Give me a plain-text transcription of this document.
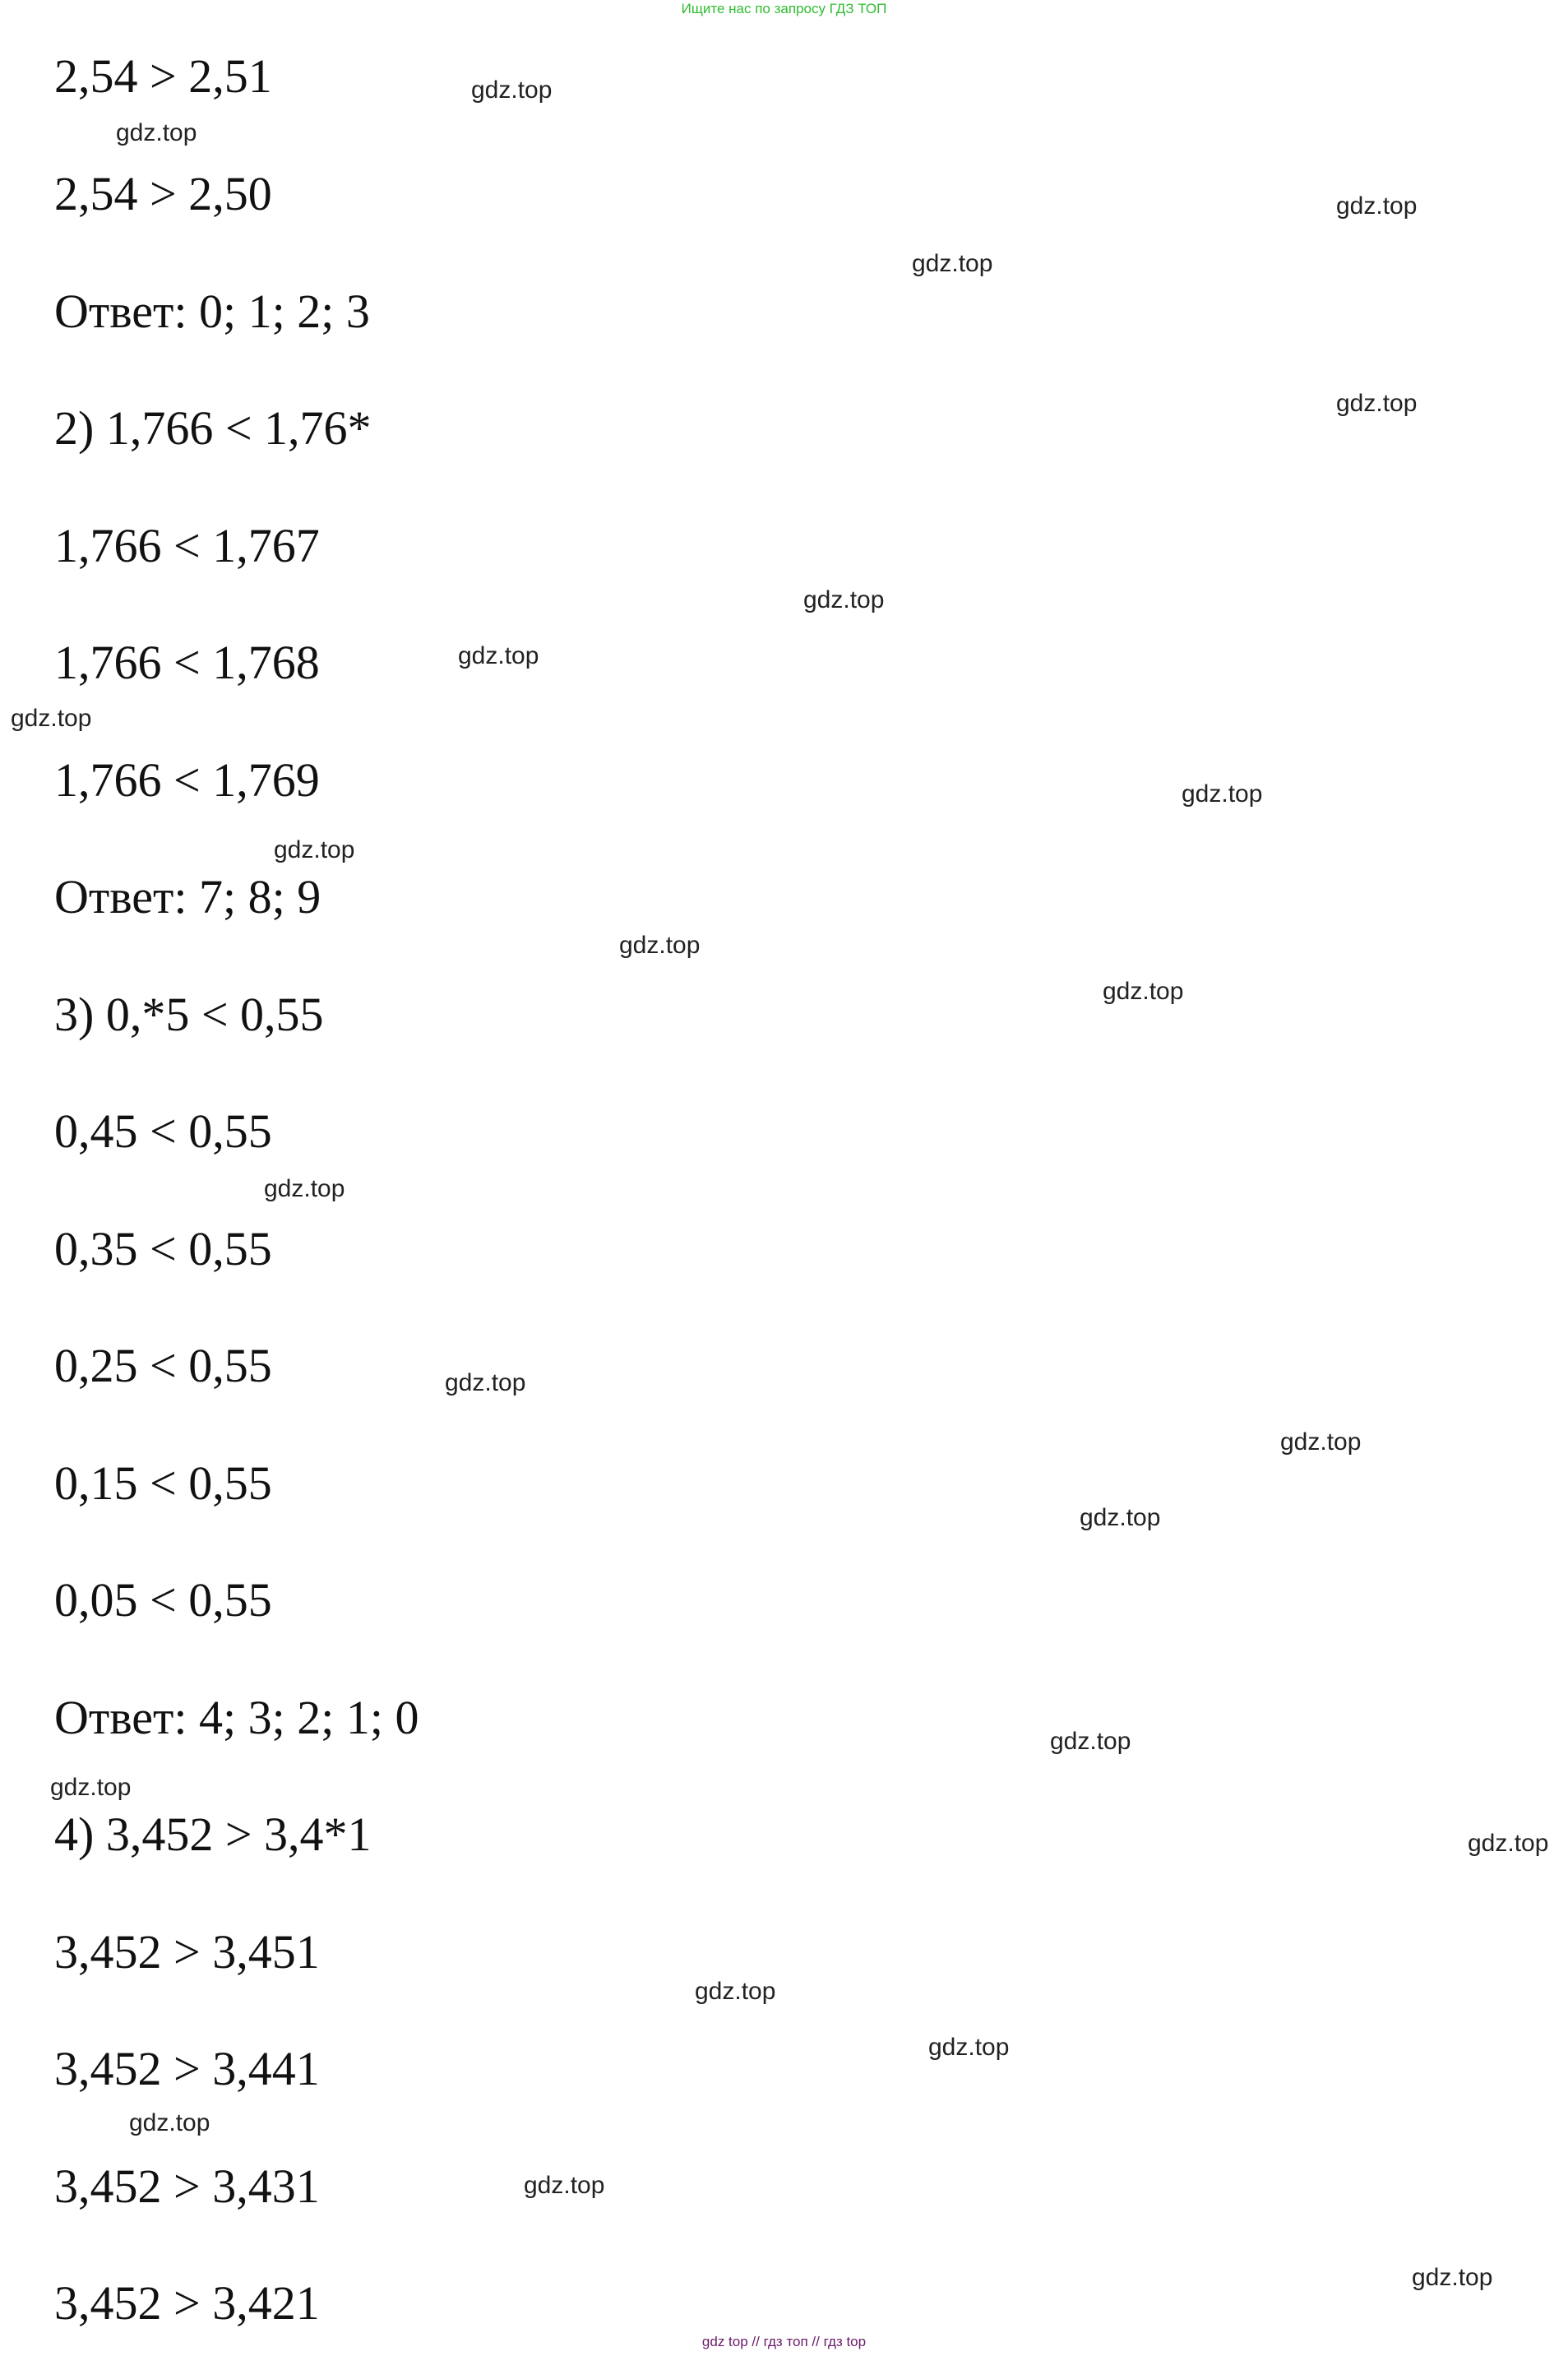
Ищите нас по запросу ГДЗ ТОП
2,54 > 2,51
2,54 > 2,50
Ответ: 0; 1; 2; 3
2) 1,766 < 1,76*
1,766 < 1,767
1,766 < 1,768
1,766 < 1,769
Ответ: 7; 8; 9
3) 0,*5 < 0,55
0,45 < 0,55
0,35 < 0,55
0,25 < 0,55
0,15 < 0,55
0,05 < 0,55
Ответ: 4; 3; 2; 1; 0
4) 3,452 > 3,4*1
3,452 > 3,451
3,452 > 3,441
3,452 > 3,431
3,452 > 3,421
gdz.top
gdz.top
gdz.top
gdz.top
gdz.top
gdz.top
gdz.top
gdz.top
gdz.top
gdz.top
gdz.top
gdz.top
gdz.top
gdz.top
gdz.top
gdz.top
gdz.top
gdz.top
gdz.top
gdz.top
gdz.top
gdz.top
gdz.top
gdz.top
gdz top // гдз топ // гдз top
